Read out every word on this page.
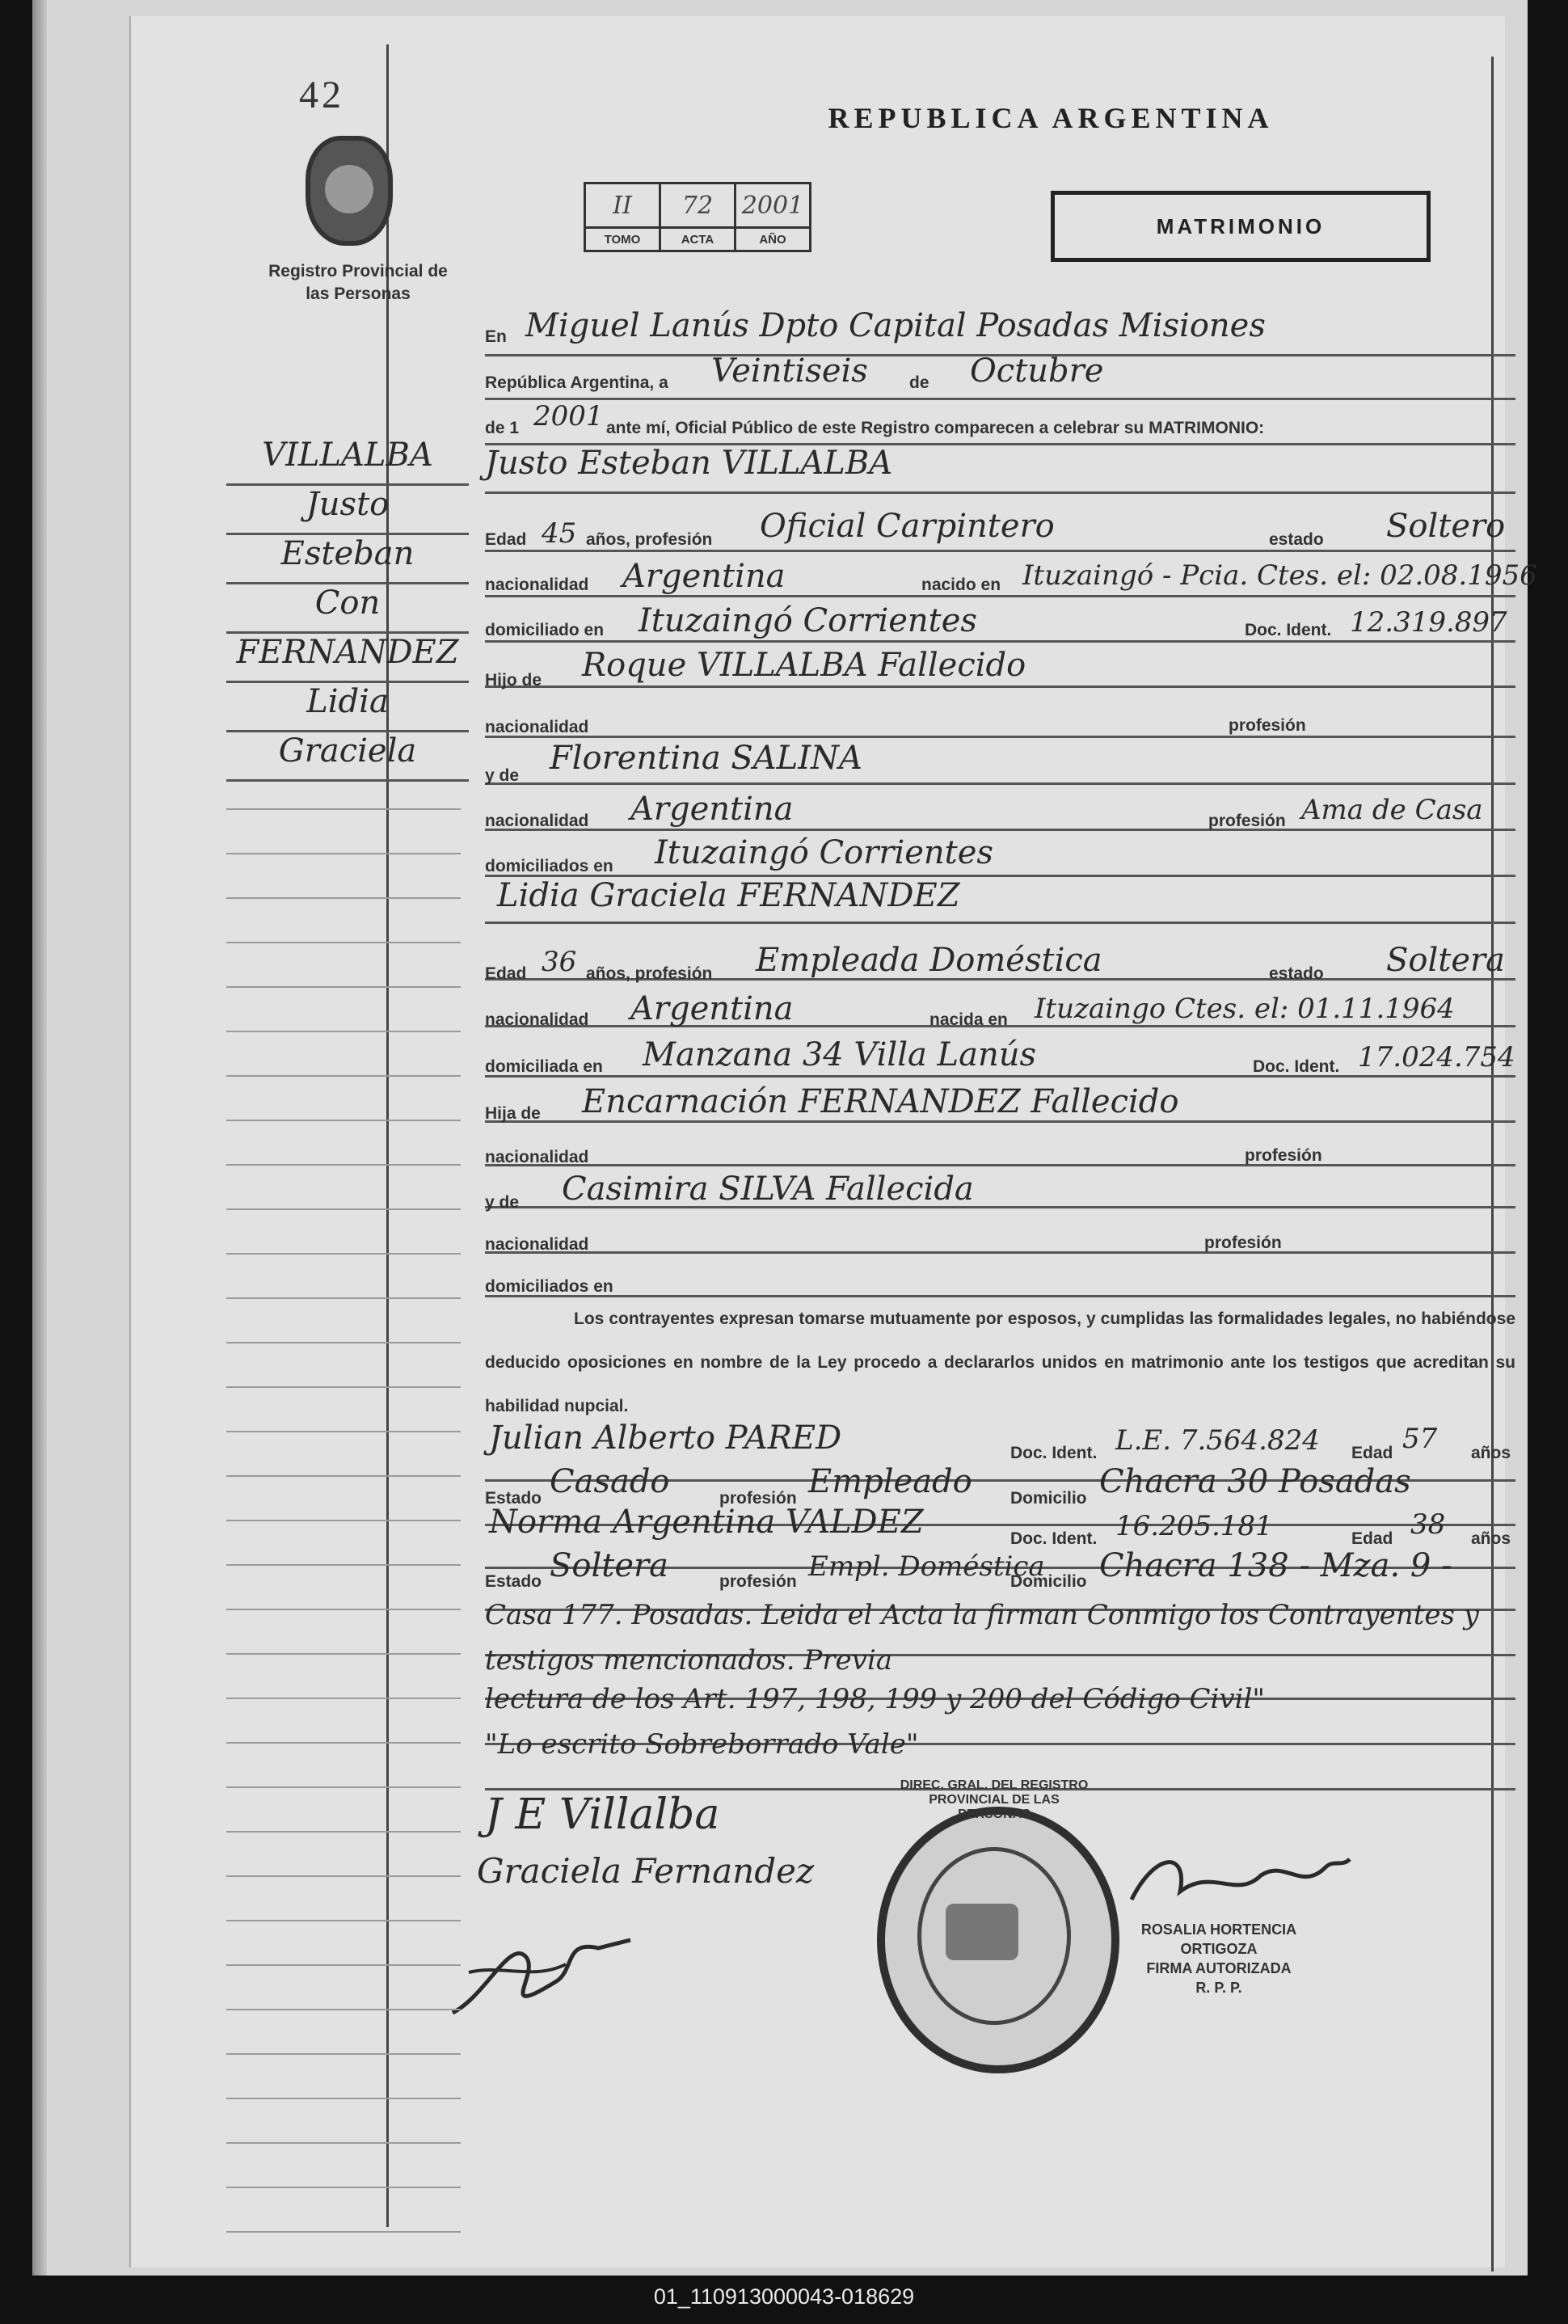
42
Registro Provincial de las Personas
REPUBLICA ARGENTINA
II	72	2001
TOMO	ACTA	AÑO
MATRIMONIO
VILLALBA
Justo
Esteban
Con
FERNANDEZ
Lidia
Graciela
En Miguel Lanús Dpto Capital Posadas Misiones
República Argentina, a Veintiseis de Octubre
de 1 2001 ante mí, Oficial Público de este Registro comparecen a celebrar su MATRIMONIO:
Justo Esteban VILLALBA
Edad 45 años, profesión Oficial Carpintero	estado Soltero
nacionalidad Argentina	nacido en Ituzaingó - Pcia. Ctes. el: 02.08.1956
domiciliado en Ituzaingó Corrientes	Doc. Ident. 12.319.897
Hijo de Roque VILLALBA Fallecido
nacionalidad	profesión
y de Florentina SALINA
nacionalidad Argentina	profesión Ama de Casa
domiciliados en Ituzaingó Corrientes
Lidia Graciela FERNANDEZ
Edad 36 años, profesión Empleada Doméstica	estado Soltera
nacionalidad Argentina	nacida en Ituzaingo Ctes. el: 01.11.1964
domiciliada en Manzana 34 Villa Lanús	Doc. Ident. 17.024.754
Hija de Encarnación FERNANDEZ Fallecido
nacionalidad	profesión
y de Casimira SILVA Fallecida
nacionalidad	profesión
domiciliados en
Los contrayentes expresan tomarse mutuamente por esposos, y cumplidas las formalidades legales, no habiéndose deducido oposiciones en nombre de la Ley procedo a declararlos unidos en matrimonio ante los testigos que acreditan su habilidad nupcial.
Julian Alberto PARED	Doc. Ident. L.E. 7.564.824 Edad 57 años
Estado Casado	profesión Empleado Domicilio Chacra 30 Posadas
Norma Argentina VALDEZ	Doc. Ident. 16.205.181	Edad 38 años
Estado Soltera	profesión Empl. Doméstica
Domicilio Chacra 138 - Mza. 9 -
Casa 177. Posadas. Leida el Acta la firman Conmigo los Contrayentes y testigos mencionados. Previa
lectura de los Art. 197, 198, 199 y 200 del Código Civil"
"Lo escrito Sobreborrado Vale"
J E Villalba
Graciela Fernandez
DIREC. GRAL. DEL REGISTRO PROVINCIAL DE LAS PERSONAS
ROSALIA HORTENCIA ORTIGOZA
FIRMA AUTORIZADA
R. P. P.
01_110913000043-018629
